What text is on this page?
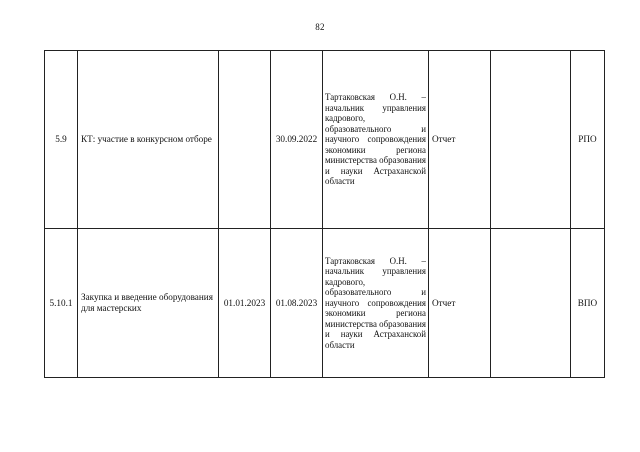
82
5.9	КТ: участие в конкурсном отборе		30.09.2022	Тартаковская О.Н. – начальник управления кадрового, образовательного и научного сопровождения экономики региона министерства образования и науки Астраханской области	Отчет		РПО
5.10.1	Закупка и введение оборудования для мастерских	01.01.2023	01.08.2023	Тартаковская О.Н. – начальник управления кадрового, образовательного и научного сопровождения экономики региона министерства образования и науки Астраханской области	Отчет		ВПО
